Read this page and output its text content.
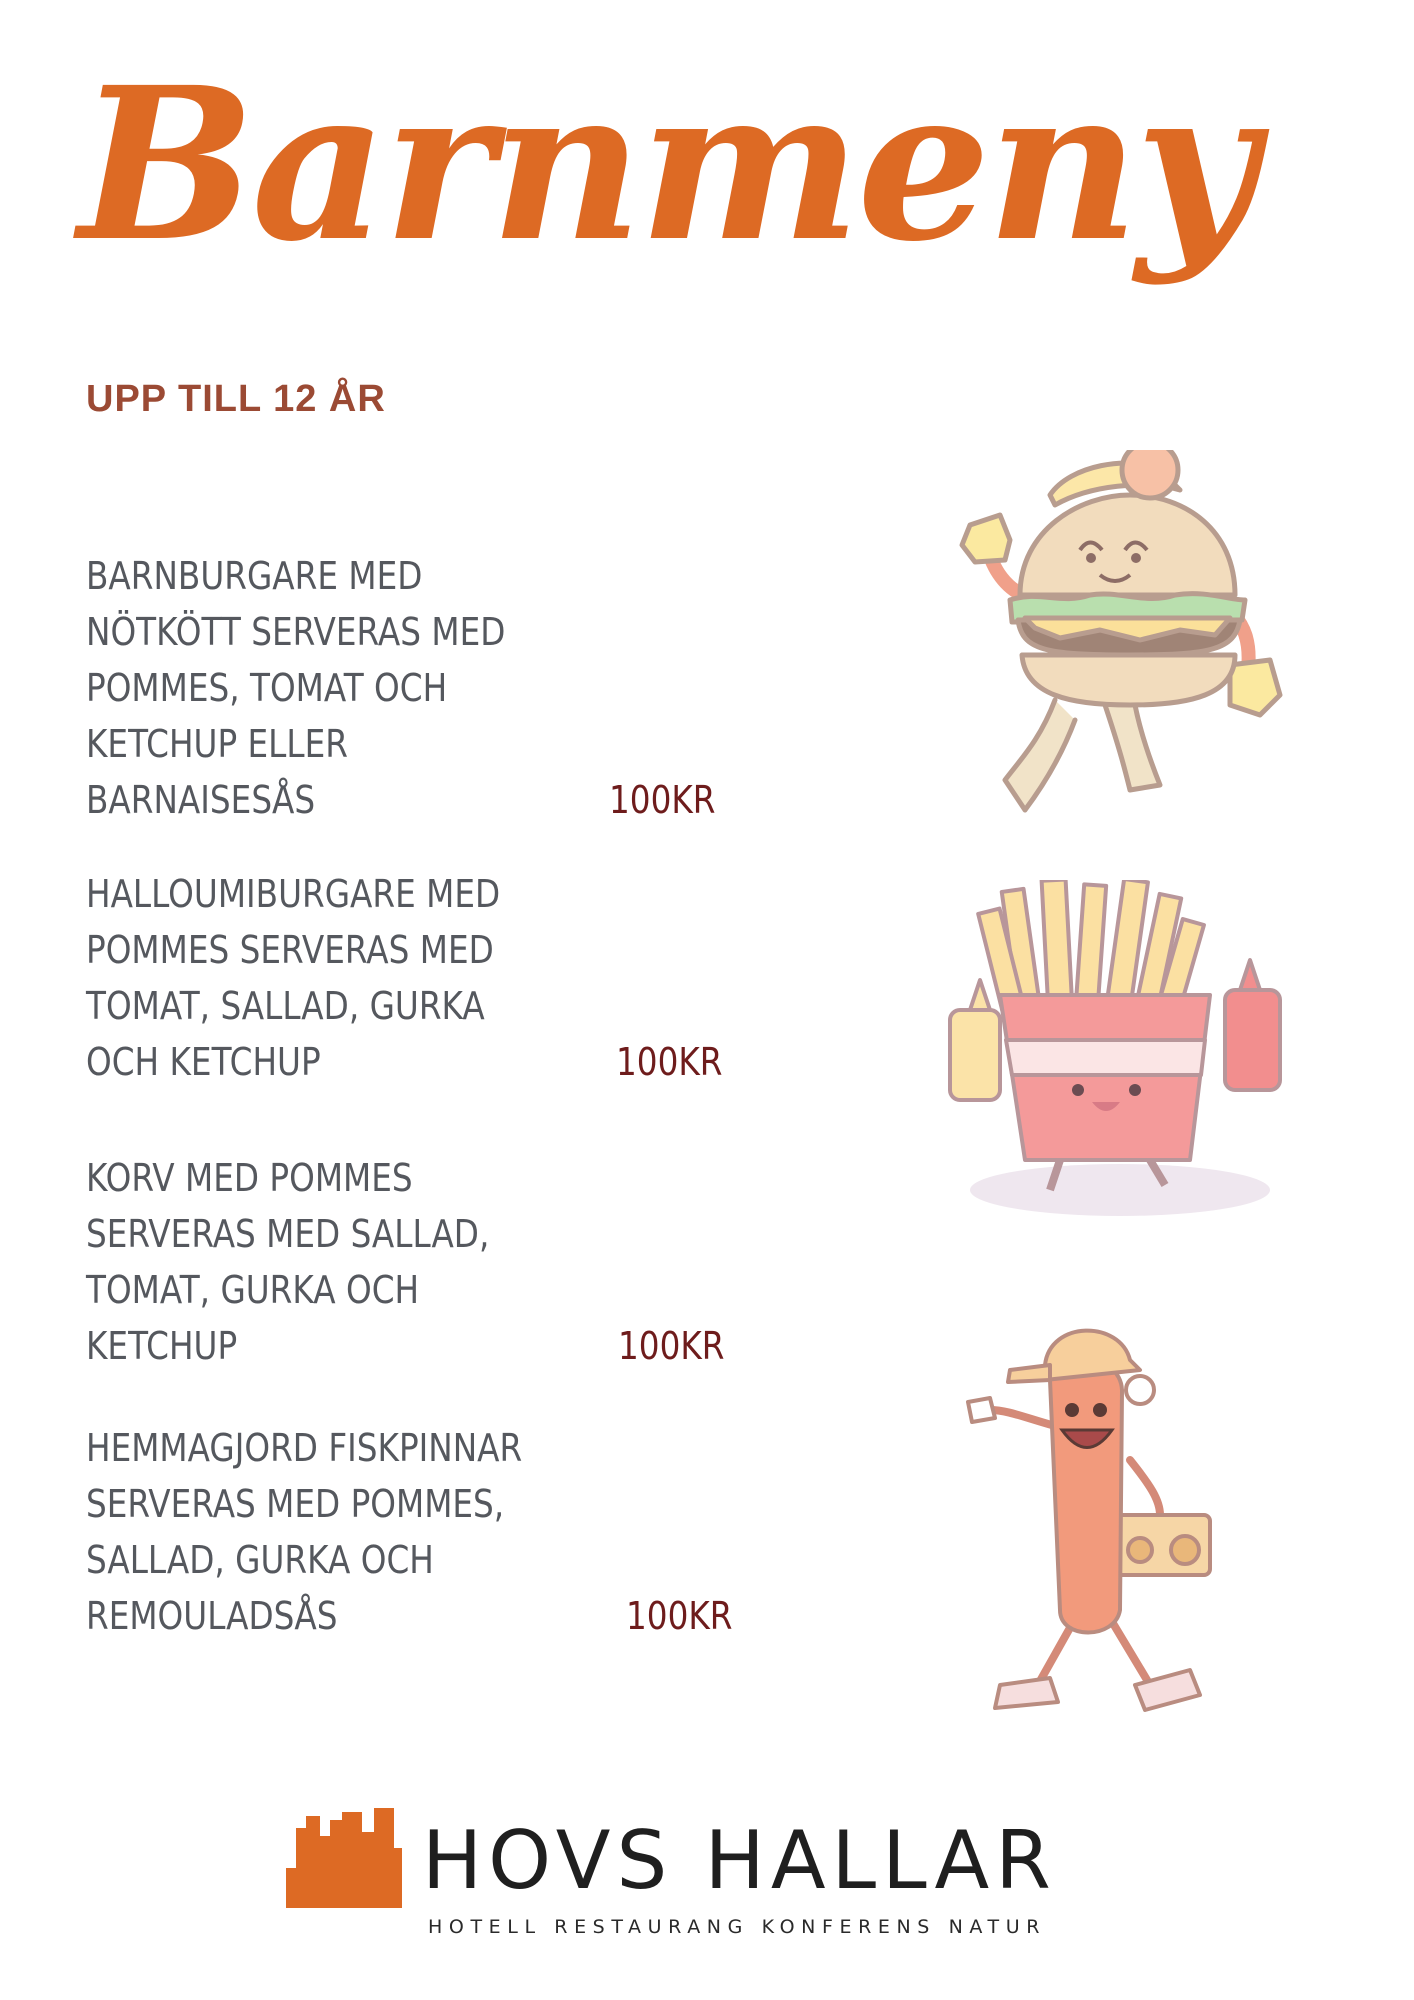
Barnmeny
UPP TILL 12 ÅR
BARNBURGARE MED
NÖTKÖTT SERVERAS MED
POMMES, TOMAT OCH
KETCHUP ELLER
BARNAISESÅS	100KR
HALLOUMIBURGARE MED
POMMES SERVERAS MED
TOMAT, SALLAD, GURKA
OCH KETCHUP	100KR
KORV MED POMMES
SERVERAS MED SALLAD,
TOMAT, GURKA OCH
KETCHUP	100KR
HEMMAGJORD FISKPINNAR
SERVERAS MED POMMES,
SALLAD, GURKA OCH
REMOULADSÅS	100KR
HOVS HALLAR
HOTELL RESTAURANG KONFERENS NATUR
